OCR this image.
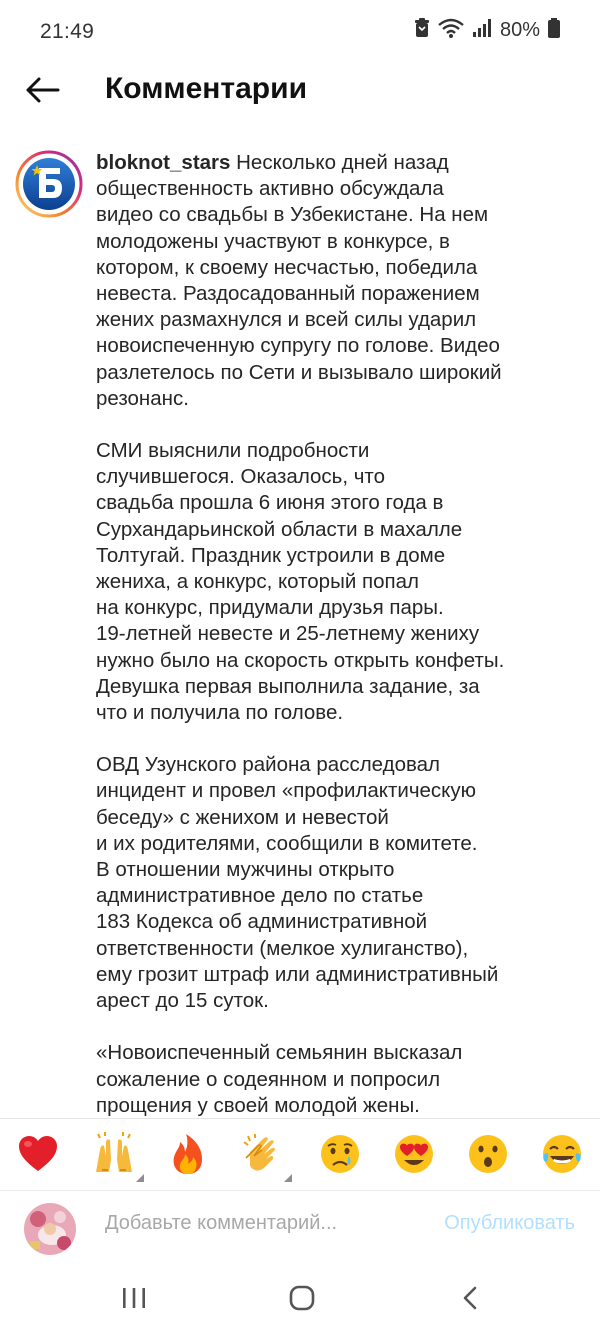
21:49	80%
Комментарии

bloknot_stars Несколько дней назад
общественность активно обсуждала
видео со свадьбы в Узбекистане. На нем
молодожены участвуют в конкурсе, в
котором, к своему несчастью, победила
невеста. Раздосадованный поражением
жених размахнулся и всей силы ударил
новоиспеченную супругу по голове. Видео
разлетелось по Сети и вызывало широкий
резонанс.

СМИ выяснили подробности
случившегося. Оказалось, что
свадьба прошла 6 июня этого года в
Сурхандарьинской области в махалле
Толтугай. Праздник устроили в доме
жениха, а конкурс, который попал
на конкурс, придумали друзья пары.
19-летней невесте и 25-летнему жениху
нужно было на скорость открыть конфеты.
Девушка первая выполнила задание, за
что и получила по голове.

ОВД Узунского района расследовал
инцидент и провел «профилактическую
беседу» с женихом и невестой
и их родителями, сообщили в комитете.
В отношении мужчины открыто
административное дело по статье
183 Кодекса об административной
ответственности (мелкое хулиганство),
ему грозит штраф или административный
арест до 15 суток.

«Новоиспеченный семьянин высказал
сожаление о содеянном и попросил
прощения у своей молодой жены.

Добавьте комментарий...
Опубликовать
